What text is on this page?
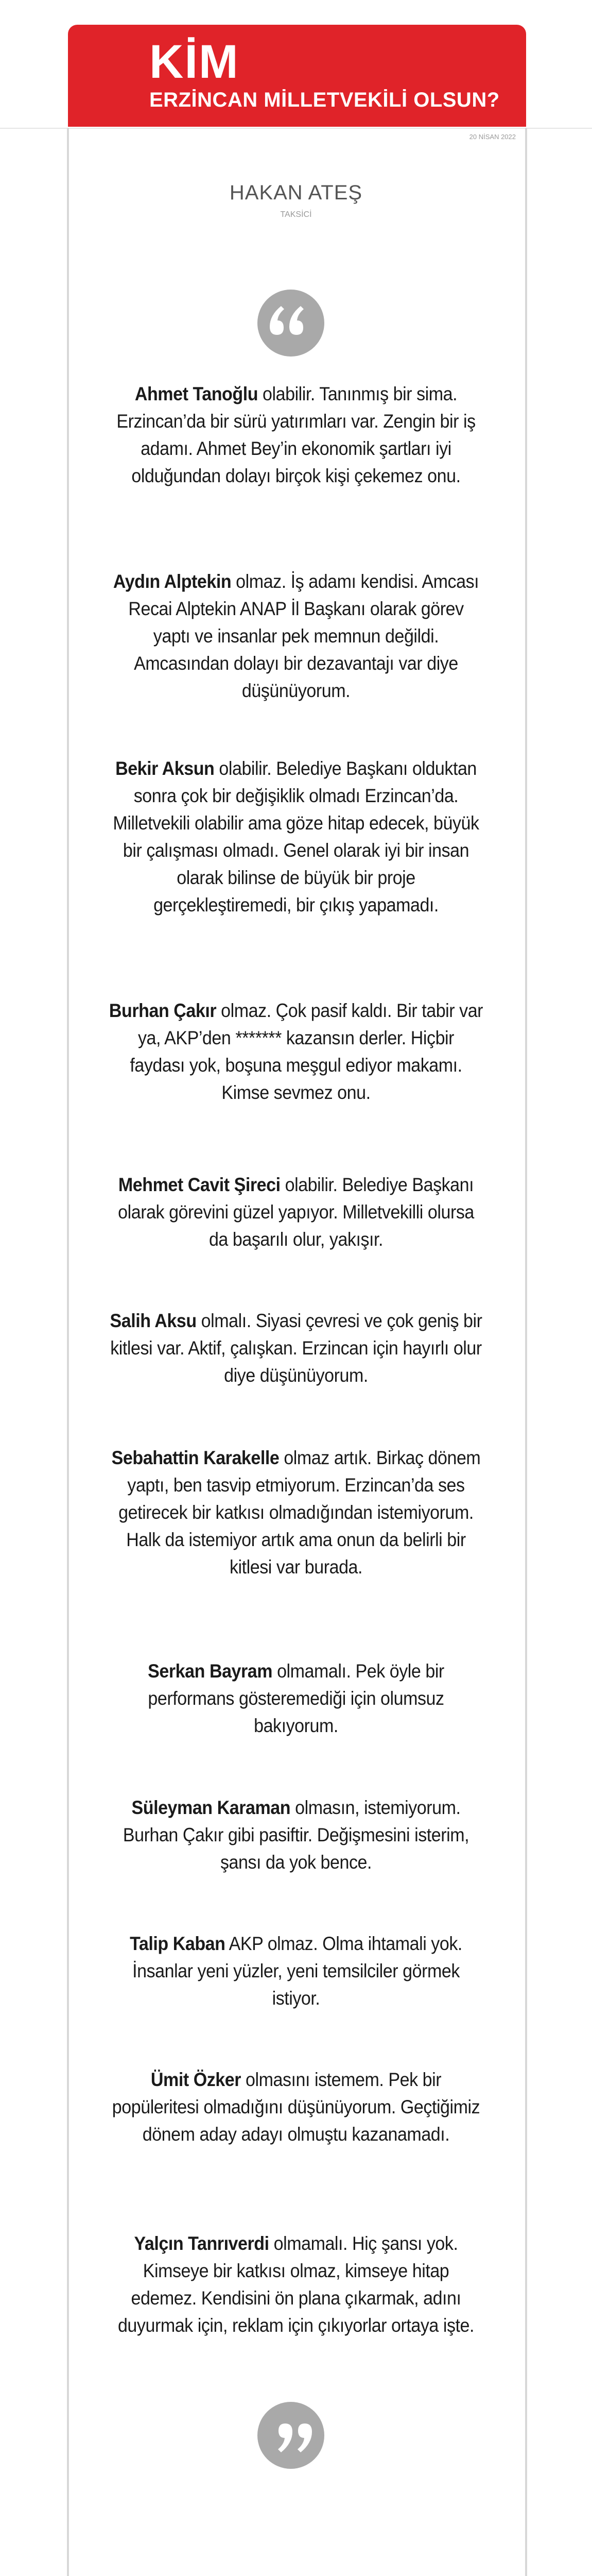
KİM
ERZİNCAN MİLLETVEKİLİ OLSUN?
20 NİSAN 2022
HAKAN ATEŞ
TAKSİCİ
Ahmet Tanoğlu olabilir. Tanınmış bir sima. Erzincan’da bir sürü yatırımları var. Zengin bir iş adamı. Ahmet Bey’in ekonomik şartları iyi olduğundan dolayı birçok kişi çekemez onu.
Aydın Alptekin olmaz. İş adamı kendisi. Amcası Recai Alptekin ANAP İl Başkanı olarak görev yaptı ve insanlar pek memnun değildi. Amcasından dolayı bir dezavantajı var diye düşünüyorum.
Bekir Aksun olabilir. Belediye Başkanı olduktan sonra çok bir değişiklik olmadı Erzincan’da. Milletvekili olabilir ama göze hitap edecek, büyük bir çalışması olmadı. Genel olarak iyi bir insan olarak bilinse de büyük bir proje gerçekleştiremedi, bir çıkış yapamadı.
Burhan Çakır olmaz. Çok pasif kaldı. Bir tabir var ya, AKP’den ******* kazansın derler. Hiçbir faydası yok, boşuna meşgul ediyor makamı. Kimse sevmez onu.
Mehmet Cavit Şireci olabilir. Belediye Başkanı olarak görevini güzel yapıyor. Milletvekilli olursa da başarılı olur, yakışır.
Salih Aksu olmalı. Siyasi çevresi ve çok geniş bir kitlesi var. Aktif, çalışkan. Erzincan için hayırlı olur diye düşünüyorum.
Sebahattin Karakelle olmaz artık. Birkaç dönem yaptı, ben tasvip etmiyorum. Erzincan’da ses getirecek bir katkısı olmadığından istemiyorum. Halk da istemiyor artık ama onun da belirli bir kitlesi var burada.
Serkan Bayram olmamalı. Pek öyle bir performans gösteremediği için olumsuz bakıyorum.
Süleyman Karaman olmasın, istemiyorum. Burhan Çakır gibi pasiftir. Değişmesini isterim, şansı da yok bence.
Talip Kaban AKP olmaz. Olma ihtamali yok. İnsanlar yeni yüzler, yeni temsilciler görmek istiyor.
Ümit Özker olmasını istemem. Pek bir popüleritesi olmadığını düşünüyorum. Geçtiğimiz dönem aday adayı olmuştu kazanamadı.
Yalçın Tanrıverdi olmamalı. Hiç şansı yok. Kimseye bir katkısı olmaz, kimseye hitap edemez. Kendisini ön plana çıkarmak, adını duyurmak için, reklam için çıkıyorlar ortaya işte.
